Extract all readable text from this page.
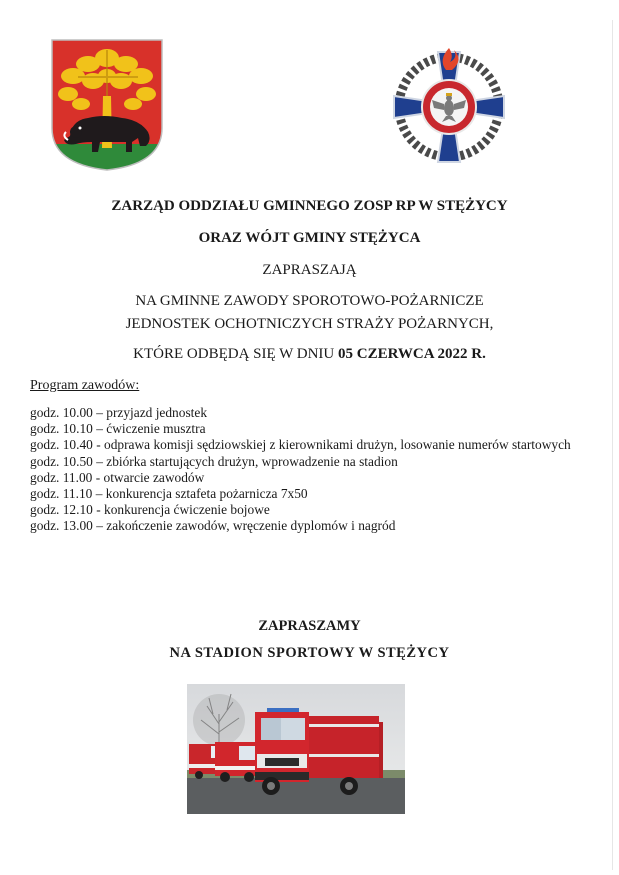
ZARZĄD ODDZIAŁU GMINNEGO ZOSP RP W STĘŻYCY
ORAZ WÓJT GMINY STĘŻYCA
ZAPRASZAJĄ
NA GMINNE ZAWODY SPOROTOWO-POŻARNICZE
JEDNOSTEK OCHOTNICZYCH STRAŻY POŻARNYCH,
KTÓRE ODBĘDĄ SIĘ W DNIU 05 CZERWCA 2022 R.
Program zawodów:
godz. 10.00 – przyjazd jednostek
godz. 10.10 – ćwiczenie musztra
godz. 10.40 - odprawa komisji sędziowskiej z kierownikami drużyn, losowanie numerów startowych
godz. 10.50 – zbiórka startujących drużyn, wprowadzenie na stadion
godz. 11.00 - otwarcie zawodów
godz. 11.10 – konkurencja sztafeta pożarnicza 7x50
godz. 12.10 - konkurencja ćwiczenie bojowe
godz. 13.00 – zakończenie zawodów, wręczenie dyplomów i nagród
ZAPRASZAMY
NA STADION SPORTOWY W STĘŻYCY
